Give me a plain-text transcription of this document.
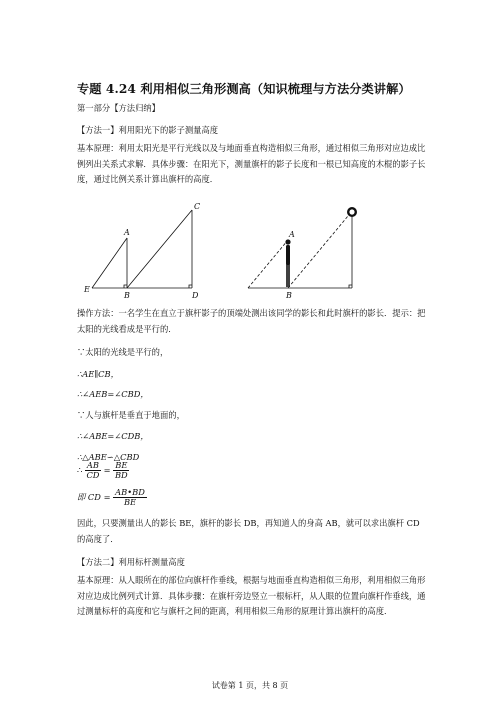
专题 4.24 利用相似三角形测高（知识梳理与方法分类讲解）
第一部分【方法归纳】
【方法一】利用阳光下的影子测量高度
基本原理：利用太阳光是平行光线以及与地面垂直构造相似三角形，通过相似三角形对应边成比例列出关系式求解．具体步骤：在阳光下，测量旗杆的影子长度和一根已知高度的木棍的影子长度，通过比例关系计算出旗杆的高度．
A
B
C
D
E
A
B
操作方法：一名学生在直立于旗杆影子的顶端处测出该同学的影长和此时旗杆的影长．提示：把太阳的光线看成是平行的．
∵太阳的光线是平行的，
∴AE∥CB，
∴∠AEB=∠CBD，
∵人与旗杆是垂直于地面的，
∴∠ABE=∠CDB，
∴△ABE∽△CBD
∴ $\frac{AB}{CD} = \frac{BE}{BD}$
即 CD = $\frac{AB•BD}{BE}$
因此，只要测量出人的影长 BE，旗杆的影长 DB，再知道人的身高 AB，就可以求出旗杆 CD 的高度了．
【方法二】利用标杆测量高度
基本原理：从人眼所在的部位向旗杆作垂线，根据与地面垂直构造相似三角形，利用相似三角形对应边成比例列式计算．具体步骤：在旗杆旁边竖立一根标杆，从人眼的位置向旗杆作垂线，通过测量标杆的高度和它与旗杆之间的距离，利用相似三角形的原理计算出旗杆的高度．
试卷第 1 页，共 8 页
